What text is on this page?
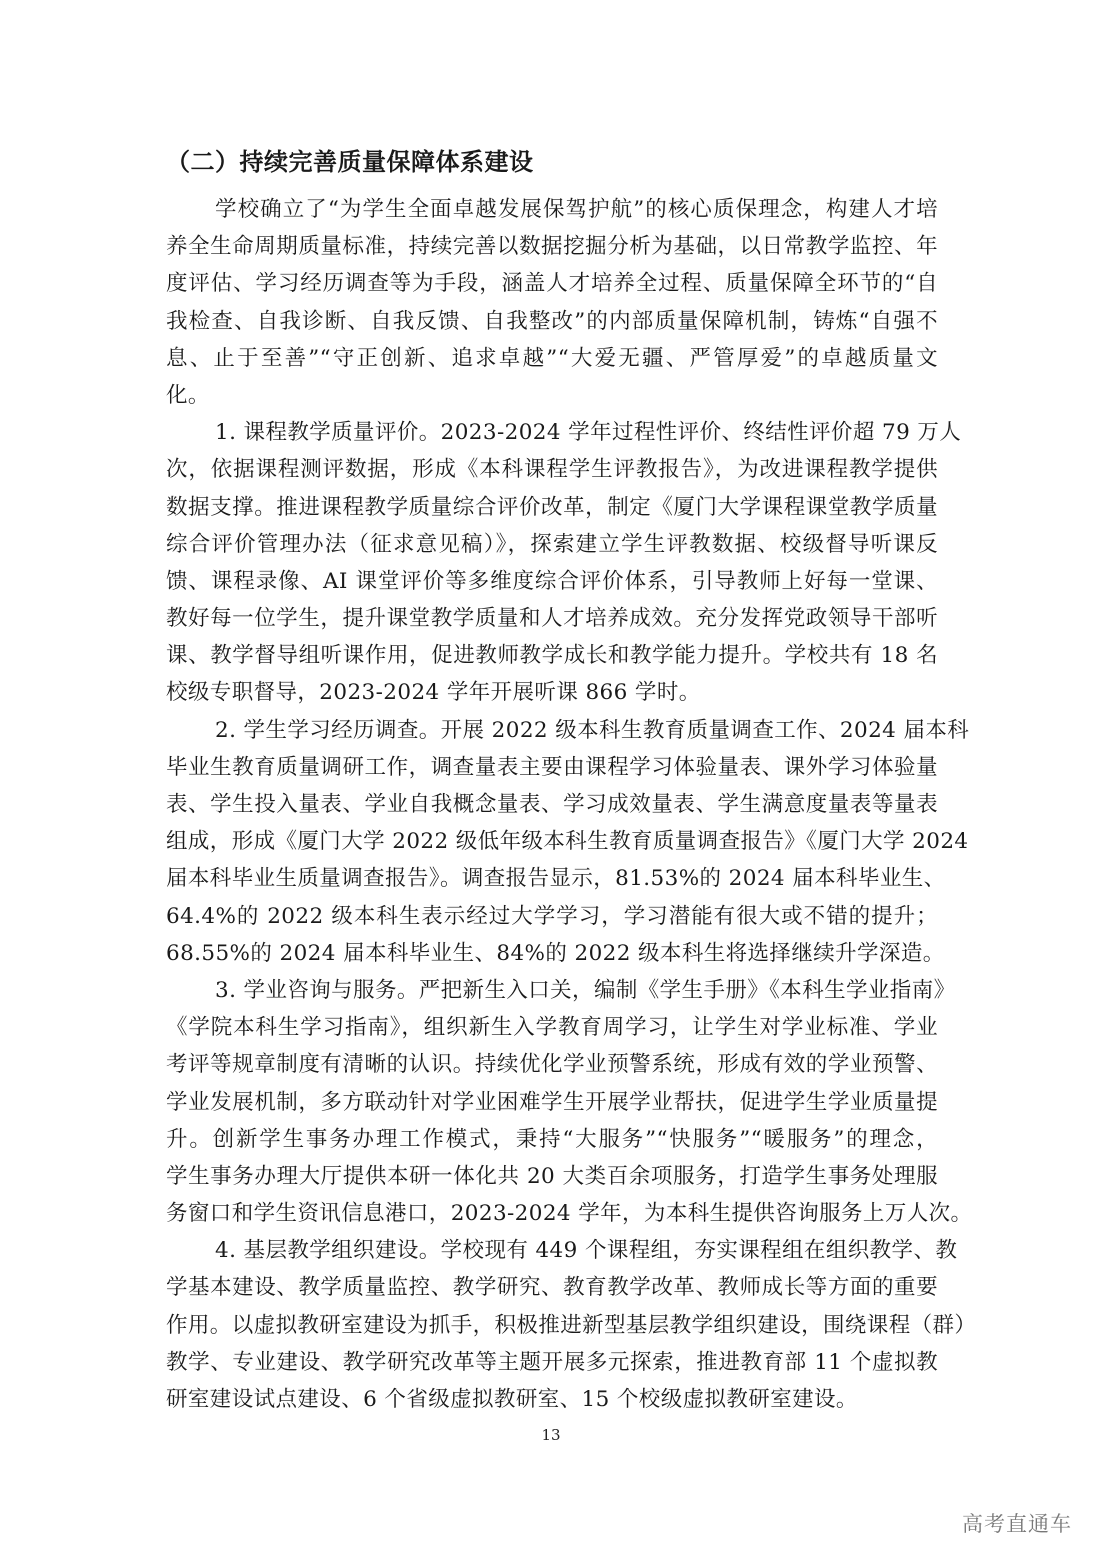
（二）持续完善质量保障体系建设
学校确立了“为学生全面卓越发展保驾护航”的核心质保理念，构建人才培
养全生命周期质量标准，持续完善以数据挖掘分析为基础，以日常教学监控、年
度评估、学习经历调查等为手段，涵盖人才培养全过程、质量保障全环节的“自
我检查、自我诊断、自我反馈、自我整改”的内部质量保障机制，铸炼“自强不
息、止于至善”“守正创新、追求卓越”“大爱无疆、严管厚爱”的卓越质量文
化。
1. 课程教学质量评价。2023-2024 学年过程性评价、终结性评价超 79 万人
次，依据课程测评数据，形成《本科课程学生评教报告》，为改进课程教学提供
数据支撑。推进课程教学质量综合评价改革，制定《厦门大学课程课堂教学质量
综合评价管理办法（征求意见稿）》，探索建立学生评教数据、校级督导听课反
馈、课程录像、AI 课堂评价等多维度综合评价体系，引导教师上好每一堂课、
教好每一位学生，提升课堂教学质量和人才培养成效。充分发挥党政领导干部听
课、教学督导组听课作用，促进教师教学成长和教学能力提升。学校共有 18 名
校级专职督导，2023-2024 学年开展听课 866 学时。
2. 学生学习经历调查。开展 2022 级本科生教育质量调查工作、2024 届本科
毕业生教育质量调研工作，调查量表主要由课程学习体验量表、课外学习体验量
表、学生投入量表、学业自我概念量表、学习成效量表、学生满意度量表等量表
组成，形成《厦门大学 2022 级低年级本科生教育质量调查报告》《厦门大学 2024
届本科毕业生质量调查报告》。调查报告显示，81.53%的 2024 届本科毕业生、
64.4%的 2022 级本科生表示经过大学学习，学习潜能有很大或不错的提升；
68.55%的 2024 届本科毕业生、84%的 2022 级本科生将选择继续升学深造。
3. 学业咨询与服务。严把新生入口关，编制《学生手册》《本科生学业指南》
《学院本科生学习指南》，组织新生入学教育周学习，让学生对学业标准、学业
考评等规章制度有清晰的认识。持续优化学业预警系统，形成有效的学业预警、
学业发展机制，多方联动针对学业困难学生开展学业帮扶，促进学生学业质量提
升。创新学生事务办理工作模式，秉持“大服务”“快服务”“暖服务”的理念，
学生事务办理大厅提供本研一体化共 20 大类百余项服务，打造学生事务处理服
务窗口和学生资讯信息港口，2023-2024 学年，为本科生提供咨询服务上万人次。
4. 基层教学组织建设。学校现有 449 个课程组，夯实课程组在组织教学、教
学基本建设、教学质量监控、教学研究、教育教学改革、教师成长等方面的重要
作用。以虚拟教研室建设为抓手，积极推进新型基层教学组织建设，围绕课程（群）
教学、专业建设、教学研究改革等主题开展多元探索，推进教育部 11 个虚拟教
研室建设试点建设、6 个省级虚拟教研室、15 个校级虚拟教研室建设。
13
高考直通车
